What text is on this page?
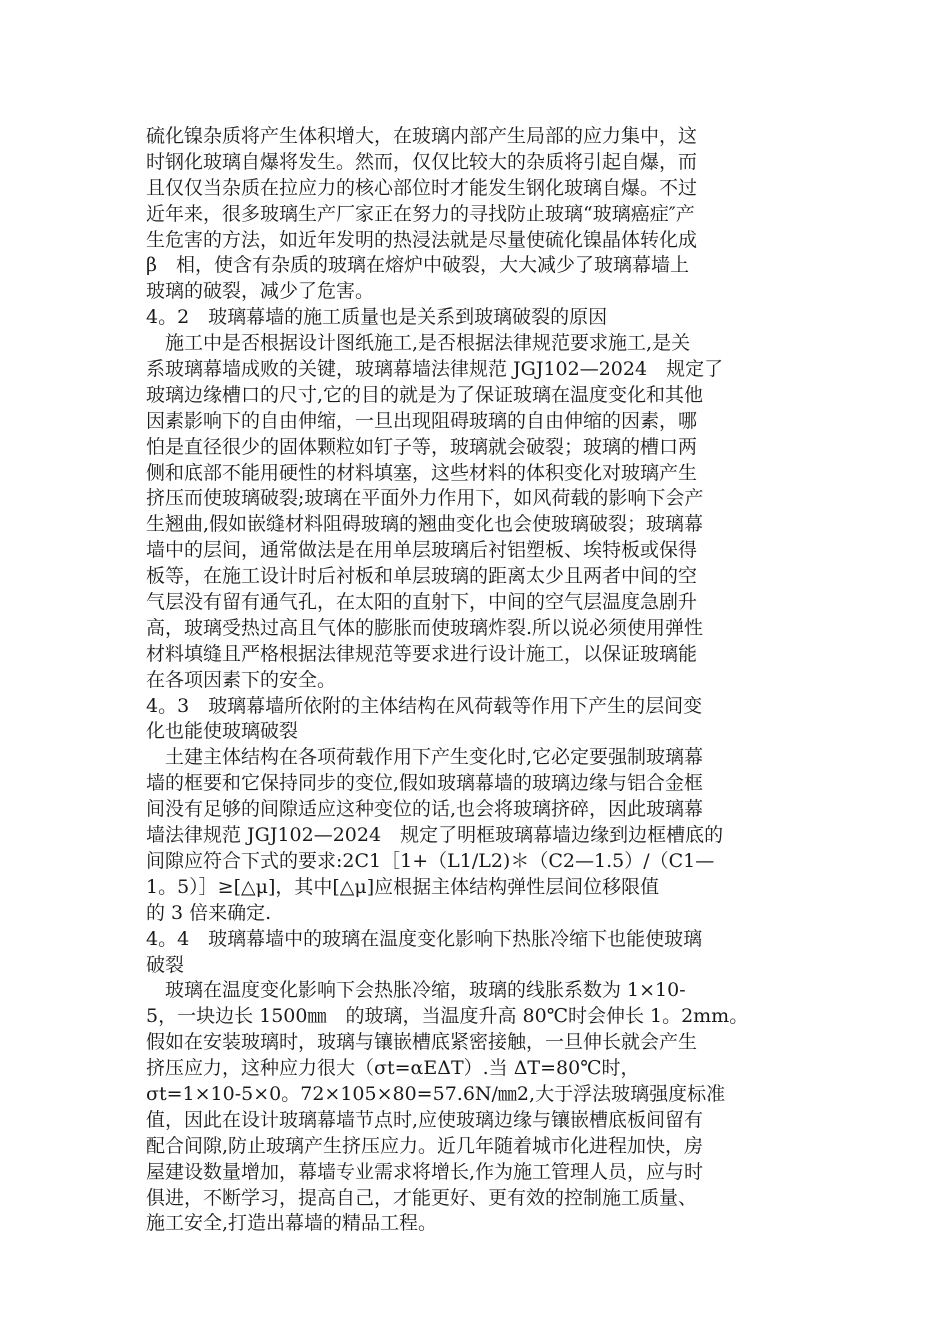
硫化镍杂质将产生体积增大，在玻璃内部产生局部的应力集中，这
时钢化玻璃自爆将发生。然而，仅仅比较大的杂质将引起自爆，而
且仅仅当杂质在拉应力的核心部位时才能发生钢化玻璃自爆。不过
近年来，很多玻璃生产厂家正在努力的寻找防止玻璃“玻璃癌症″产
生危害的方法，如近年发明的热浸法就是尽量使硫化镍晶体转化成
β　相，使含有杂质的玻璃在熔炉中破裂，大大减少了玻璃幕墙上
玻璃的破裂，减少了危害。
4。2　玻璃幕墙的施工质量也是关系到玻璃破裂的原因
　施工中是否根据设计图纸施工,是否根据法律规范要求施工,是关
系玻璃幕墙成败的关键，玻璃幕墙法律规范 JGJ102—2024　规定了
玻璃边缘槽口的尺寸,它的目的就是为了保证玻璃在温度变化和其他
因素影响下的自由伸缩，一旦出现阻碍玻璃的自由伸缩的因素，哪
怕是直径很少的固体颗粒如钉子等，玻璃就会破裂；玻璃的槽口两
侧和底部不能用硬性的材料填塞，这些材料的体积变化对玻璃产生
挤压而使玻璃破裂;玻璃在平面外力作用下，如风荷载的影响下会产
生翘曲,假如嵌缝材料阻碍玻璃的翘曲变化也会使玻璃破裂；玻璃幕
墙中的层间，通常做法是在用单层玻璃后衬铝塑板、埃特板或保得
板等，在施工设计时后衬板和单层玻璃的距离太少且两者中间的空
气层没有留有通气孔，在太阳的直射下，中间的空气层温度急剧升
高，玻璃受热过高且气体的膨胀而使玻璃炸裂.所以说必须使用弹性
材料填缝且严格根据法律规范等要求进行设计施工，以保证玻璃能
在各项因素下的安全。
4。3　玻璃幕墙所依附的主体结构在风荷载等作用下产生的层间变
化也能使玻璃破裂
　土建主体结构在各项荷载作用下产生变化时,它必定要强制玻璃幕
墙的框要和它保持同步的变位,假如玻璃幕墙的玻璃边缘与铝合金框
间没有足够的间隙适应这种变位的话,也会将玻璃挤碎，因此玻璃幕
墙法律规范 JGJ102—2024　规定了明框玻璃幕墙边缘到边框槽底的
间隙应符合下式的要求:2C1［1+（L1/L2)＊（C2—1.5）/（C1—
1。5）］≥[△μ]，其中[△μ]应根据主体结构弹性层间位移限值
的 3 倍来确定.
4。4　玻璃幕墙中的玻璃在温度变化影响下热胀冷缩下也能使玻璃
破裂
　玻璃在温度变化影响下会热胀冷缩，玻璃的线胀系数为 1×10-
5，一块边长 1500㎜　的玻璃，当温度升高 80℃时会伸长 1。2mm。
假如在安装玻璃时，玻璃与镶嵌槽底紧密接触，一旦伸长就会产生
挤压应力，这种应力很大（σt=αEΔT）.当 ΔT=80℃时，
σt=1×10-5×0。72×105×80=57.6N/㎜2,大于浮法玻璃强度标准
值，因此在设计玻璃幕墙节点时,应使玻璃边缘与镶嵌槽底板间留有
配合间隙,防止玻璃产生挤压应力。近几年随着城市化进程加快，房
屋建设数量增加，幕墙专业需求将增长,作为施工管理人员，应与时
俱进，不断学习，提高自己，才能更好、更有效的控制施工质量、
施工安全,打造出幕墙的精品工程。
